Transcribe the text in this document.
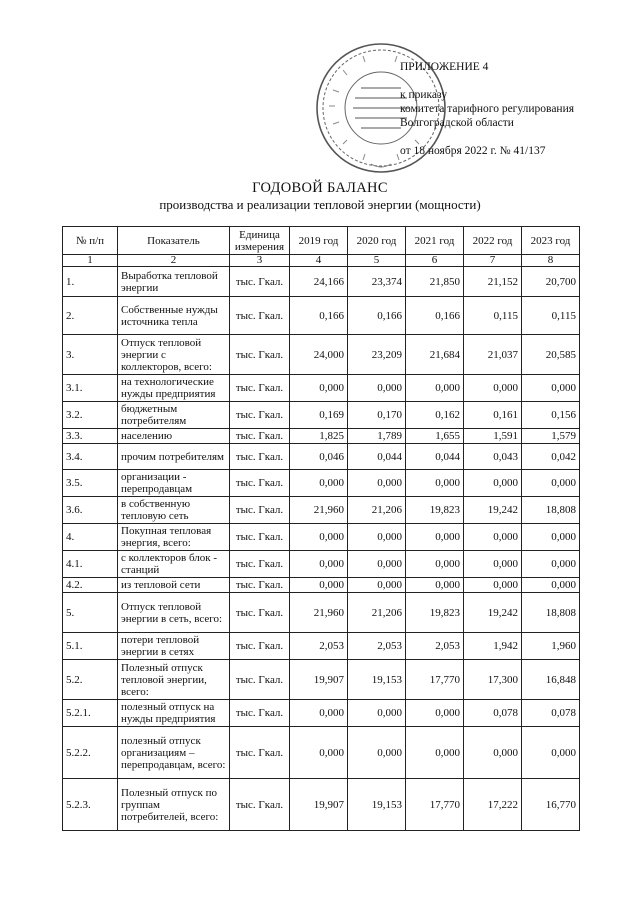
ПРИЛОЖЕНИЕ 4
к приказу
комитета тарифного регулирования
Волгоградской области
от 18 ноября 2022 г. № 41/137
ГОДОВОЙ БАЛАНС
производства и реализации тепловой энергии (мощности)
№ п/п	Показатель	Единица измерения	2019 год	2020 год	2021 год	2022 год	2023 год
1	2	3	4	5	6	7	8
1.	Выработка тепловой энергии	тыс. Гкал.	24,166	23,374	21,850	21,152	20,700
2.	Собственные нужды источника тепла	тыс. Гкал.	0,166	0,166	0,166	0,115	0,115
3.	Отпуск тепловой энергии с коллекторов, всего:	тыс. Гкал.	24,000	23,209	21,684	21,037	20,585
3.1.	на технологические нужды предприятия	тыс. Гкал.	0,000	0,000	0,000	0,000	0,000
3.2.	бюджетным потребителям	тыс. Гкал.	0,169	0,170	0,162	0,161	0,156
3.3.	населению	тыс. Гкал.	1,825	1,789	1,655	1,591	1,579
3.4.	прочим потребителям	тыс. Гкал.	0,046	0,044	0,044	0,043	0,042
3.5.	организации - перепродавцам	тыс. Гкал.	0,000	0,000	0,000	0,000	0,000
3.6.	в собственную тепловую сеть	тыс. Гкал.	21,960	21,206	19,823	19,242	18,808
4.	Покупная тепловая энергия, всего:	тыс. Гкал.	0,000	0,000	0,000	0,000	0,000
4.1.	с коллекторов блок - станций	тыс. Гкал.	0,000	0,000	0,000	0,000	0,000
4.2.	из тепловой сети	тыс. Гкал.	0,000	0,000	0,000	0,000	0,000
5.	Отпуск тепловой энергии в сеть, всего:	тыс. Гкал.	21,960	21,206	19,823	19,242	18,808
5.1.	потери тепловой энергии в сетях	тыс. Гкал.	2,053	2,053	2,053	1,942	1,960
5.2.	Полезный отпуск тепловой энергии, всего:	тыс. Гкал.	19,907	19,153	17,770	17,300	16,848
5.2.1.	полезный отпуск на нужды предприятия	тыс. Гкал.	0,000	0,000	0,000	0,078	0,078
5.2.2.	полезный отпуск организациям – перепродавцам, всего:	тыс. Гкал.	0,000	0,000	0,000	0,000	0,000
5.2.3.	Полезный отпуск по группам потребителей, всего:	тыс. Гкал.	19,907	19,153	17,770	17,222	16,770
